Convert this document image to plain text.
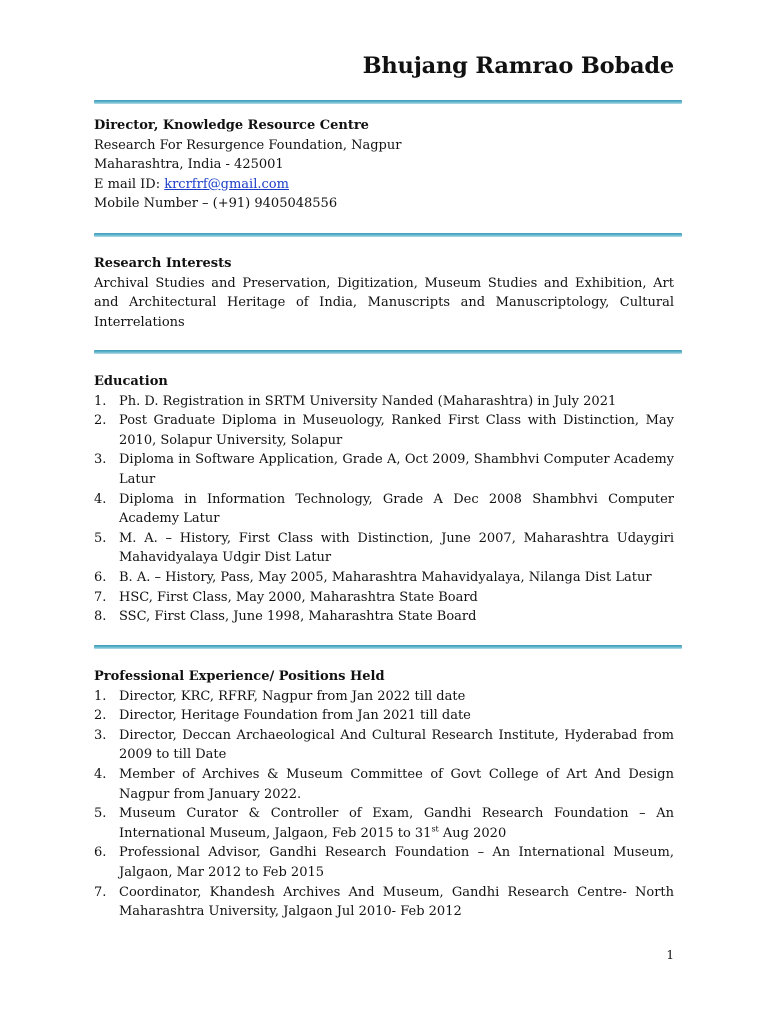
Bhujang Ramrao Bobade
Director, Knowledge Resource Centre
Research For Resurgence Foundation, Nagpur
Maharashtra, India - 425001
E mail ID: krcrfrf@gmail.com
Mobile Number – (+91) 9405048556
Research Interests
Archival Studies and Preservation, Digitization, Museum Studies and Exhibition, Art and Architectural Heritage of India, Manuscripts and Manuscriptology, Cultural Interrelations
Education
1. Ph. D. Registration in SRTM University Nanded (Maharashtra) in July 2021
2. Post Graduate Diploma in Museuology, Ranked First Class with Distinction, May 2010, Solapur University, Solapur
3. Diploma in Software Application, Grade A, Oct 2009, Shambhvi Computer Academy Latur
4. Diploma in Information Technology, Grade A Dec 2008 Shambhvi Computer Academy Latur
5. M. A. – History, First Class with Distinction, June 2007, Maharashtra Udaygiri Mahavidyalaya Udgir Dist Latur
6. B. A. – History, Pass, May 2005, Maharashtra Mahavidyalaya, Nilanga Dist Latur
7. HSC, First Class, May 2000, Maharashtra State Board
8. SSC, First Class, June 1998, Maharashtra State Board
Professional Experience/ Positions Held
1. Director, KRC, RFRF, Nagpur from Jan 2022 till date
2. Director, Heritage Foundation from Jan 2021 till date
3. Director, Deccan Archaeological And Cultural Research Institute, Hyderabad from 2009 to till Date
4. Member of Archives & Museum Committee of Govt College of Art And Design Nagpur from January 2022.
5. Museum Curator & Controller of Exam, Gandhi Research Foundation – An International Museum, Jalgaon, Feb 2015 to 31st Aug 2020
6. Professional Advisor, Gandhi Research Foundation – An International Museum, Jalgaon, Mar 2012 to Feb 2015
7. Coordinator, Khandesh Archives And Museum, Gandhi Research Centre- North Maharashtra University, Jalgaon Jul 2010- Feb 2012
1
